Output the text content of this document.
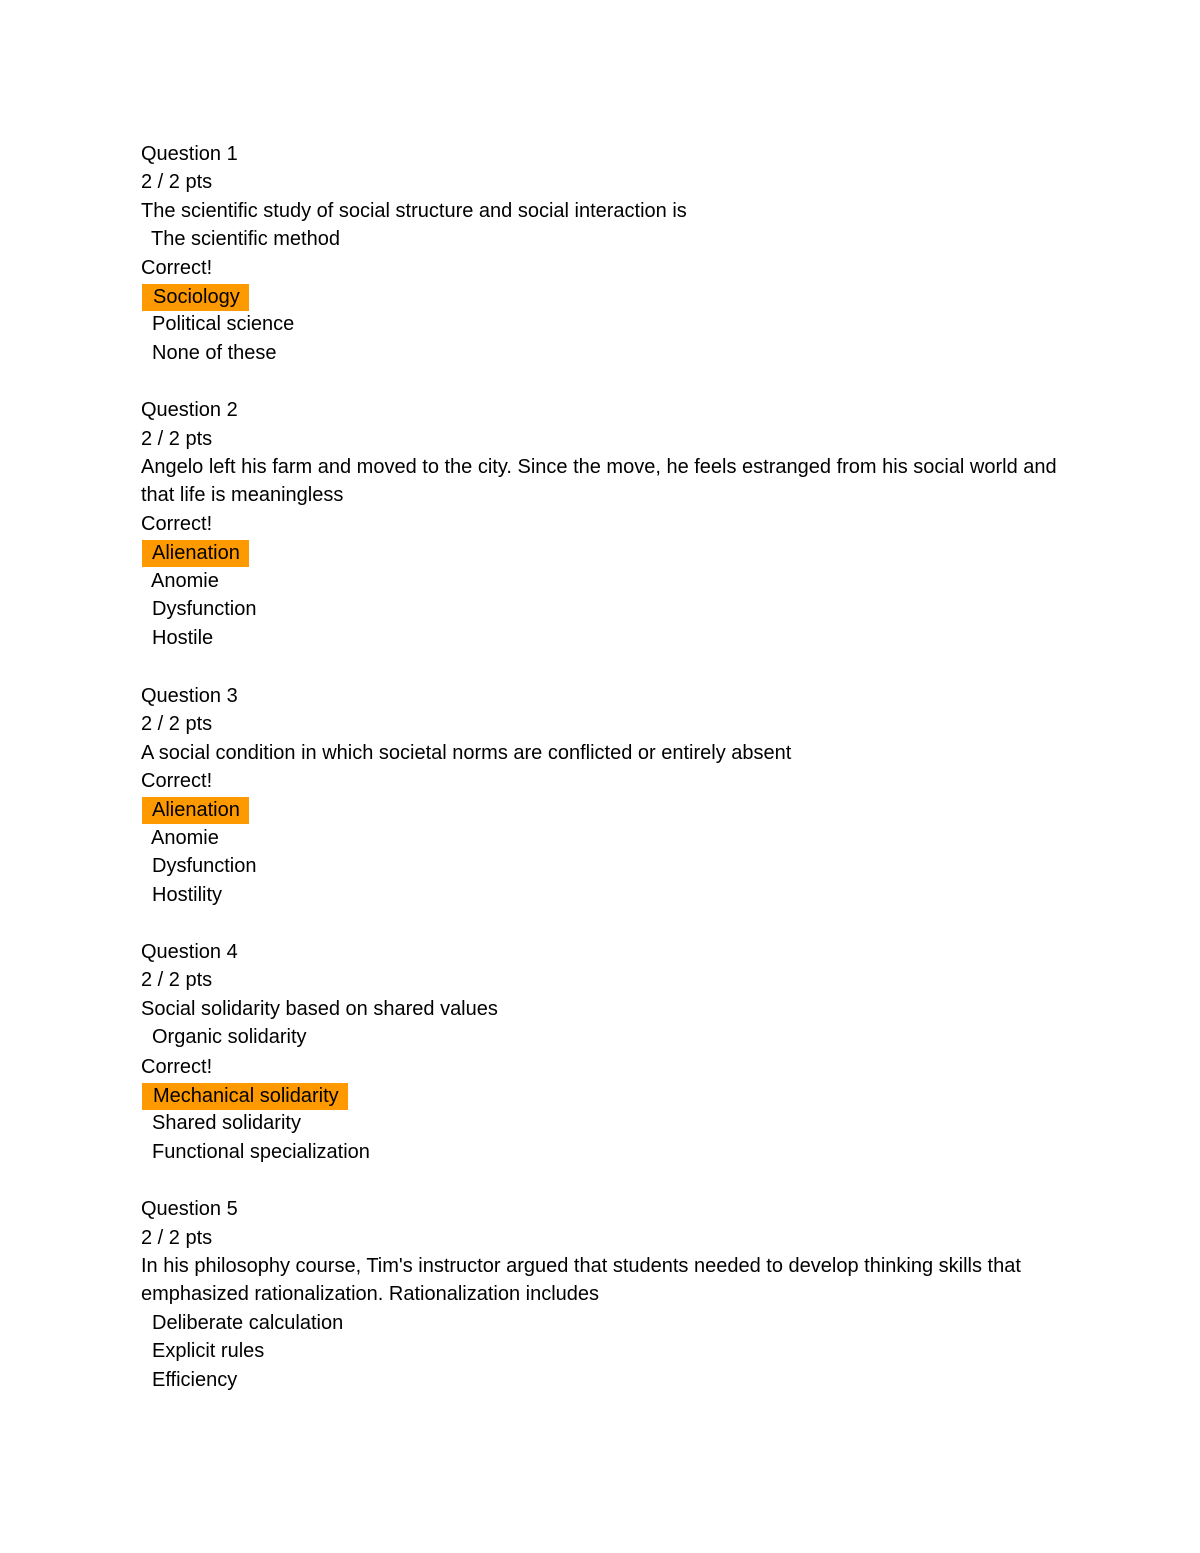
Question 1
2 / 2 pts
The scientific study of social structure and social interaction is
The scientific method
Correct!
Sociology
Political science
None of these
Question 2
2 / 2 pts
Angelo left his farm and moved to the city. Since the move, he feels estranged from his social world and that life is meaningless
Correct!
Alienation
Anomie
Dysfunction
Hostile
Question 3
2 / 2 pts
A social condition in which societal norms are conflicted or entirely absent
Correct!
Alienation
Anomie
Dysfunction
Hostility
Question 4
2 / 2 pts
Social solidarity based on shared values
Organic solidarity
Correct!
Mechanical solidarity
Shared solidarity
Functional specialization
Question 5
2 / 2 pts
In his philosophy course, Tim's instructor argued that students needed to develop thinking skills that emphasized rationalization. Rationalization includes
Deliberate calculation
Explicit rules
Efficiency
